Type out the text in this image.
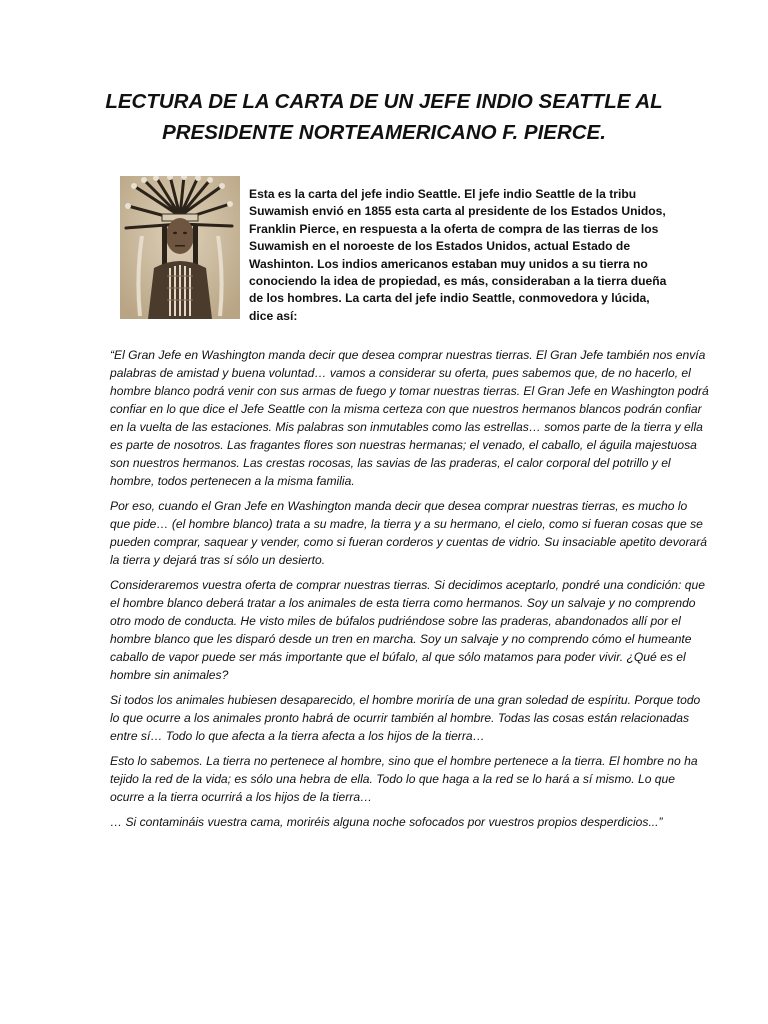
LECTURA DE LA CARTA DE UN JEFE INDIO SEATTLE AL PRESIDENTE NORTEAMERICANO F. PIERCE.

Esta es la carta del jefe indio Seattle. El jefe indio Seattle de la tribu Suwamish envió en 1855 esta carta al presidente de los Estados Unidos, Franklin Pierce, en respuesta a la oferta de compra de las tierras de los Suwamish en el noroeste de los Estados Unidos, actual Estado de Washinton. Los indios americanos estaban muy unidos a su tierra no conociendo la idea de propiedad, es más, consideraban a la tierra dueña de los hombres. La carta del jefe indio Seattle, conmovedora y lúcida, dice así:

“El Gran Jefe en Washington manda decir que desea comprar nuestras tierras. El Gran Jefe también nos envía palabras de amistad y buena voluntad… vamos a considerar su oferta, pues sabemos que, de no hacerlo, el hombre blanco podrá venir con sus armas de fuego y tomar nuestras tierras. El Gran Jefe en Washington podrá confiar en lo que dice el Jefe Seattle con la misma certeza con que nuestros hermanos blancos podrán confiar en la vuelta de las estaciones. Mis palabras son inmutables como las estrellas… somos parte de la tierra y ella es parte de nosotros. Las fragantes flores son nuestras hermanas; el venado, el caballo, el águila majestuosa son nuestros hermanos. Las crestas rocosas, las savias de las praderas, el calor corporal del potrillo y el hombre, todos pertenecen a la misma familia.

Por eso, cuando el Gran Jefe en Washington manda decir que desea comprar nuestras tierras, es mucho lo que pide… (el hombre blanco) trata a su madre, la tierra y a su hermano, el cielo, como si fueran cosas que se pueden comprar, saquear y vender, como si fueran corderos y cuentas de vidrio. Su insaciable apetito devorará la tierra y dejará tras sí sólo un desierto.

Consideraremos vuestra oferta de comprar nuestras tierras. Si decidimos aceptarlo, pondré una condición: que el hombre blanco deberá tratar a los animales de esta tierra como hermanos. Soy un salvaje y no comprendo otro modo de conducta. He visto miles de búfalos pudriéndose sobre las praderas, abandonados allí por el hombre blanco que les disparó desde un tren en marcha. Soy un salvaje y no comprendo cómo el humeante caballo de vapor puede ser más importante que el búfalo, al que sólo matamos para poder vivir. ¿Qué es el hombre sin animales?

Si todos los animales hubiesen desaparecido, el hombre moriría de una gran soledad de espíritu. Porque todo lo que ocurre a los animales pronto habrá de ocurrir también al hombre. Todas las cosas están relacionadas entre sí… Todo lo que afecta a la tierra afecta a los hijos de la tierra…

Esto lo sabemos. La tierra no pertenece al hombre, sino que el hombre pertenece a la tierra. El hombre no ha tejido la red de la vida; es sólo una hebra de ella. Todo lo que haga a la red se lo hará a sí mismo. Lo que ocurre a la tierra ocurrirá a los hijos de la tierra…

… Si contamináis vuestra cama, moriréis alguna noche sofocados por vuestros propios desperdicios...”
